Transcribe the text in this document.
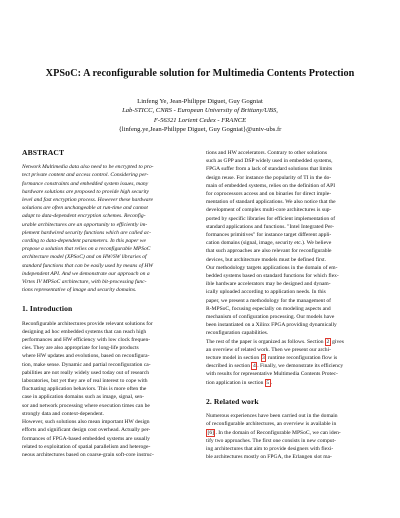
XPSoC: A reconfigurable solution for Multimedia Contents Protection
Linfeng Ye, Jean-Philippe Diguet, Guy Gogniat
Lab-STICC, CNRS - European University of Brittany/UBS,
F-56321 Lorient Cedex - FRANCE
{linfeng.ye,Jean-Philippe Diguet, Guy Gogniat}@univ-ubs.fr
ABSTRACT
Network Multimedia data also need to be encrypted to pro-
tect private content and access control. Considering per-
formance constraints and embedded system issues, many
hardware solutions are proposed to provide high security
level and fast encryption process. However these hardware
solutions are often unchangeable at run-time and cannot
adapt to data-dependent encryption schemes. Reconfig-
urable architectures are an opportunity to efficiently im-
plement hardwired security functions which are called ac-
cording to data-dependent parameters. In this paper we
propose a solution that relies on a reconfigurable MPSoC
architecture model (XPSoC) and on HW/SW libraries of
standard functions that can be easily used by means of HW
independent API. And we demonstrate our approach on a
Virtex IV MPSoC architecture, with bit-processing func-
tions representative of image and security domains.
1. Introduction
Reconfigurable architectures provide relevant solutions for
designing ad hoc embedded systems that can reach high
performances and HW efficiency with low clock frequen-
cies. They are also appropriate for long-life products
where HW updates and evolutions, based on reconfigura-
tion, make sense. Dynamic and partial reconfiguration ca-
pabilities are not really widely used today out of research
laboratories, but yet they are of real interest to cope with
fluctuating application behaviors. This is more often the
case in application domains such as image, signal, sen-
sor and network processing where execution times can be
strongly data and context-dependent.
However, such solutions also mean important HW design
efforts and significant design cost overhead. Actually per-
formances of FPGA-based embedded systems are usually
related to exploitation of spatial parallelism and heteroge-
neous architectures based on coarse-grain soft-core instruc-
tions and HW accelerators. Contrary to other solutions
such as GPP and DSP widely used in embedded systems,
FPGA suffer from a lack of standard solutions that limits
design reuse. For instance the popularity of TI in the do-
main of embedded systems, relies on the definition of API
for coprocessors access and on binaries for direct imple-
mentation of standard applications. We also notice that the
development of complex multi-core architectures is sup-
ported by specific libraries for efficient implementation of
standard applications and functions. "Intel Integrated Per-
formances primitives" for instance target different appli-
cation domains (signal, image, security etc.). We believe
that such approaches are also relevant for reconfigurable
devices, but architecture models must be defined first.
Our methodology targets applications in the domain of em-
bedded systems based on standard functions for which flex-
ible hardware accelerators may be designed and dynam-
ically uploaded according to application needs. In this
paper, we present a methodology for the management of
R-MPSoC, focusing especially on modeling aspects and
mechanism of configuration processing. Our models have
been instantiated on a Xilinx FPGA providing dynamically
reconfiguration capabilities.
The rest of the paper is organized as follows. Section 2 gives
an overview of related work. Then we present our archi-
tecture model in section 3 runtime reconfiguration flow is
described in section 4 . Finally, we demonstrate its efficiency
with results for representative Multimedia Contents Protec-
tion application in section 5 .
2. Related work
Numerous experiences have been carried out in the domain
of reconfigurable architectures, an overview is available in
[6] . In the domain of Reconfigurable MPSoC, we can iden-
tify two approaches. The first one consists in new comput-
ing architectures that aim to provide designers with flexi-
ble architectures mostly on FPGA, the Erlangen slot ma-
